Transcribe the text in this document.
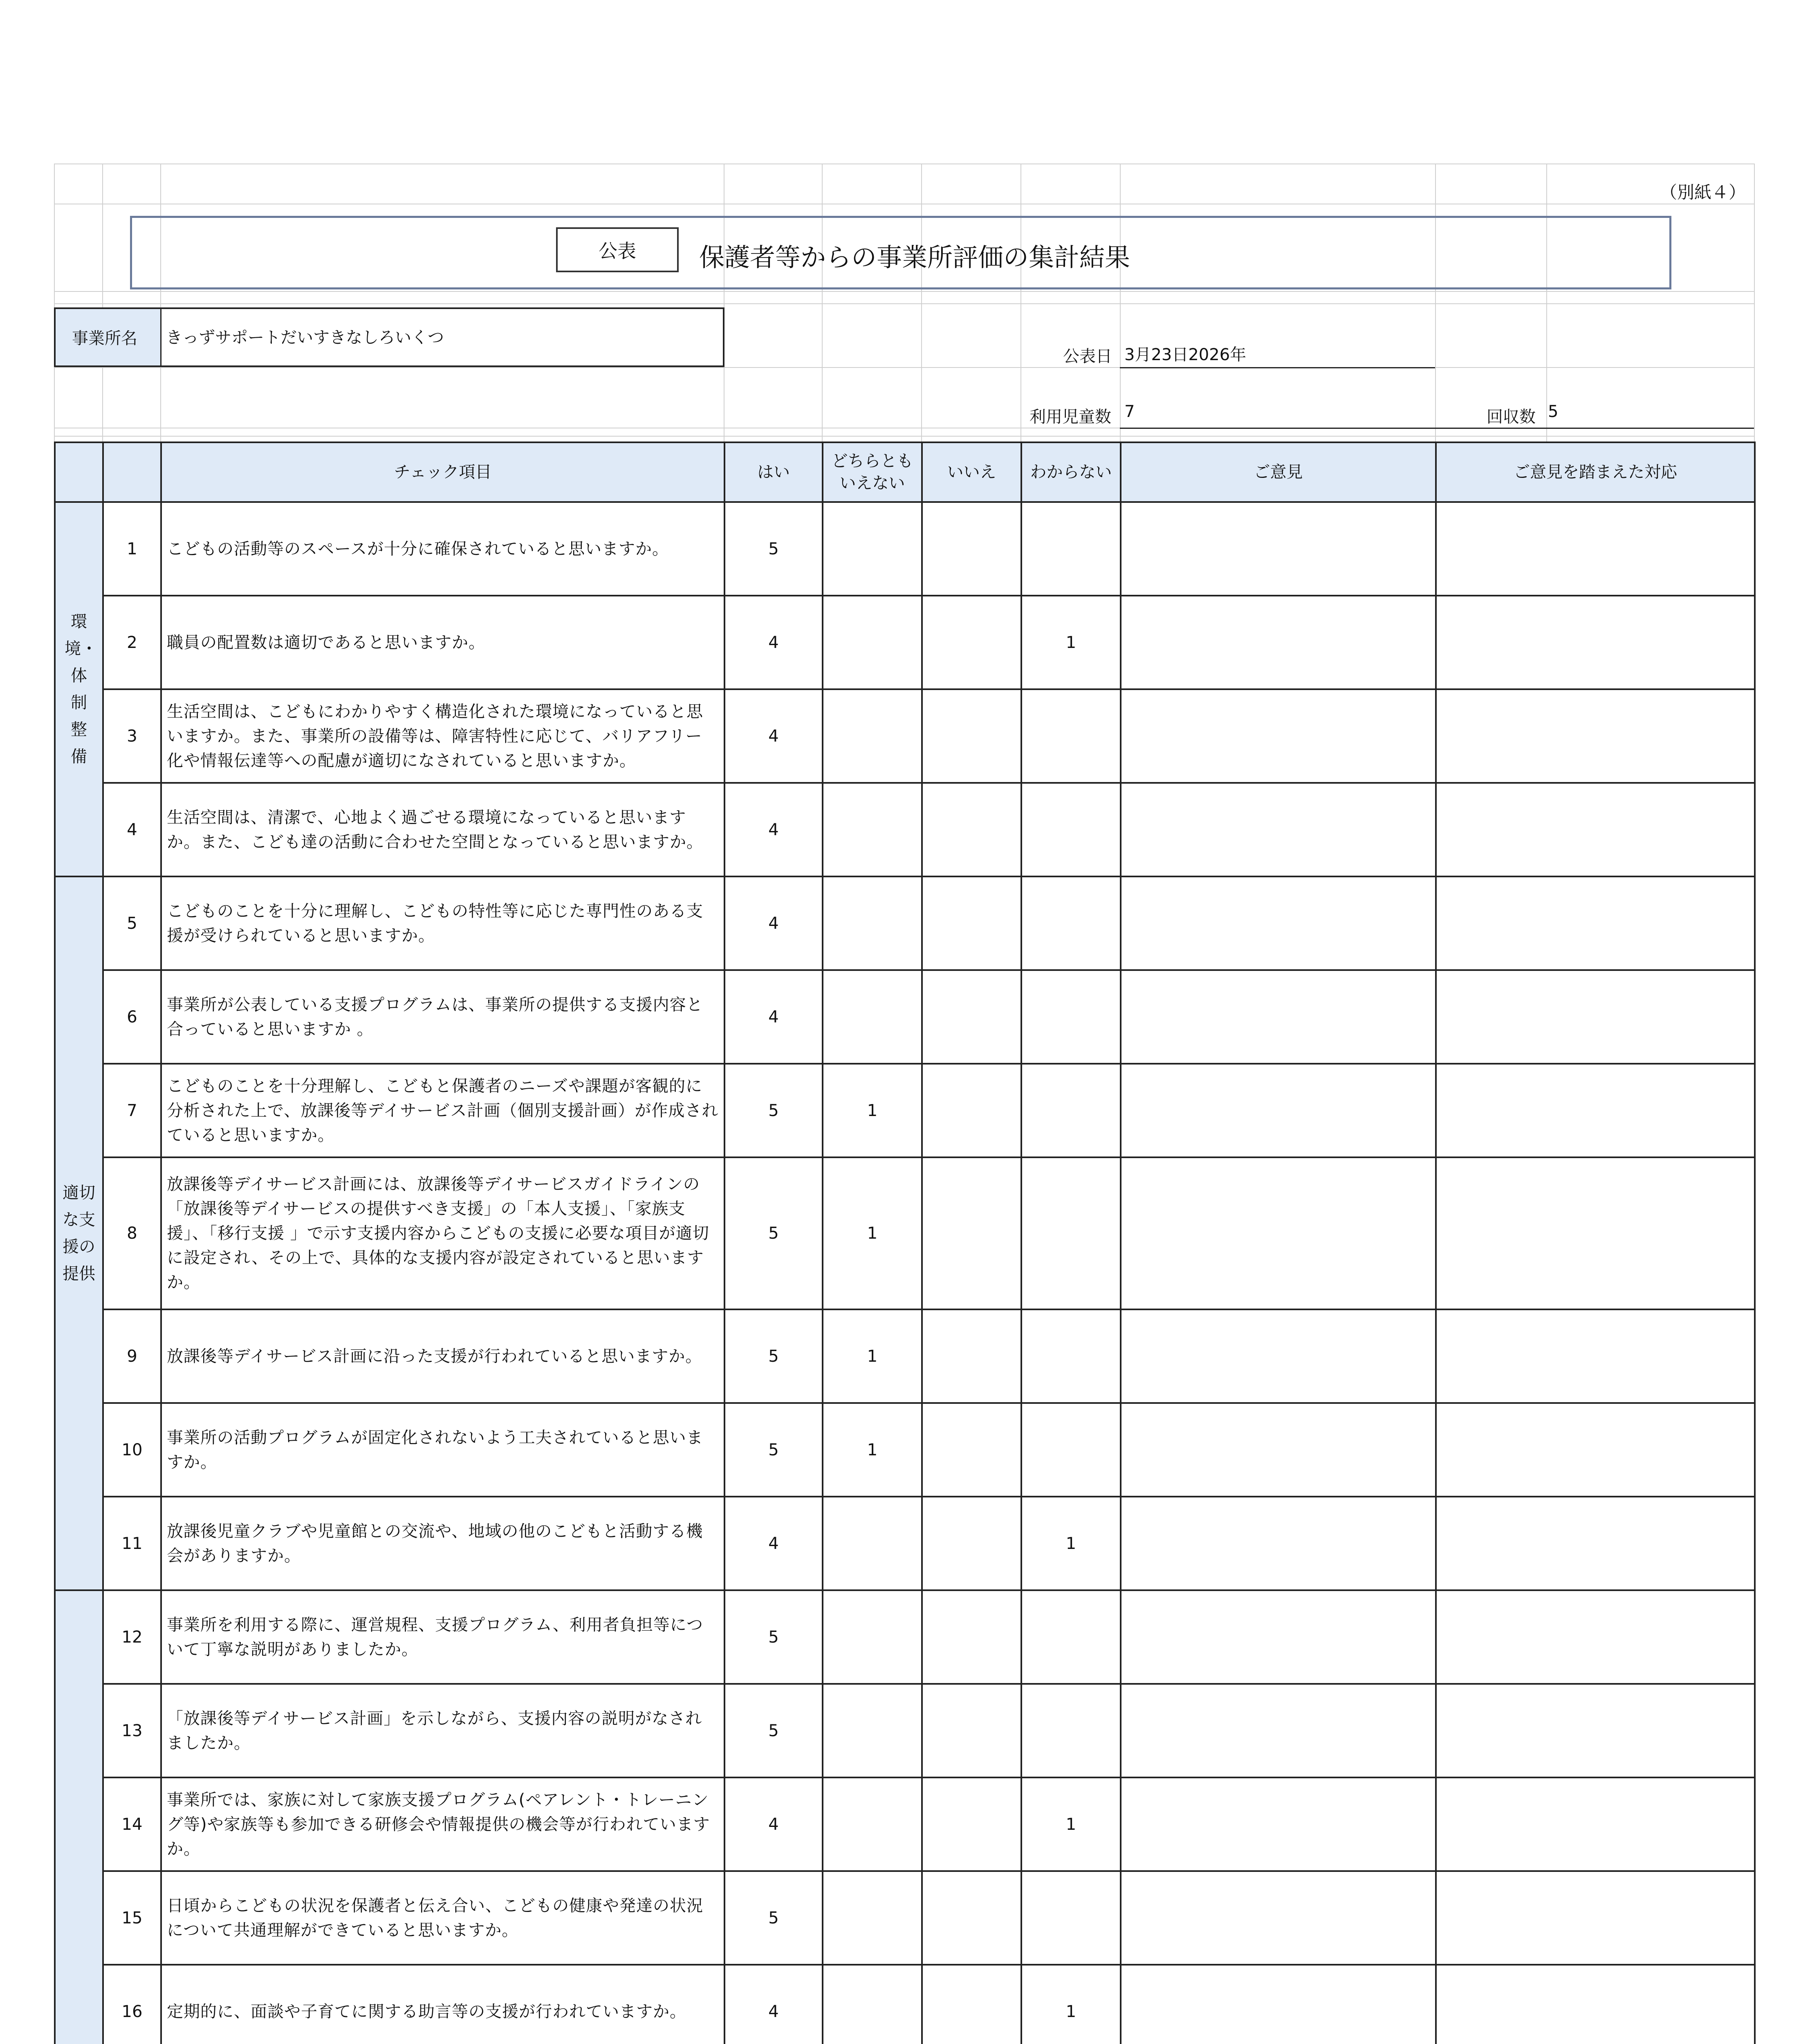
（別紙４）
公表	保護者等からの事業所評価の集計結果
事業所名 きっずサポートだいすきなしろいくつ
公表日 3月23日2026年
利用児童数 7	回収数 5
		チェック項目	はい	どちらとも
いえない	いいえ	わからない	ご意見	ご意見を踏まえた対応

環境・体制整備	1	こどもの活動等のスペースが十分に確保されていると思いますか。	5					
	2	職員の配置数は適切であると思いますか。	4			1		
	3	生活空間は、こどもにわかりやすく構造化された環境になっていると思いますか。また、事業所の設備等は、障害特性に応じて、バリアフリー化や情報伝達等への配慮が適切になされていると思いますか。	4					
	4	生活空間は、清潔で、心地よく過ごせる環境になっていると思いますか。また、こども達の活動に合わせた空間となっていると思いますか。	4					

適切な支援の提供	5	こどものことを十分に理解し、こどもの特性等に応じた専門性のある支援が受けられていると思いますか。	4					
	6	事業所が公表している支援プログラムは、事業所の提供する支援内容と合っていると思いますか 。	4					
	7	こどものことを十分理解し、こどもと保護者のニーズや課題が客観的に分析された上で、放課後等デイサービス計画（個別支援計画）が作成されていると思いますか。	5	1				
	8	放課後等デイサービス計画には、放課後等デイサービスガイドラインの「放課後等デイサービスの提供すべき支援」の「本人支援」、「家族支援」、「移行支援 」で示す支援内容からこどもの支援に必要な項目が適切に設定され、その上で、具体的な支援内容が設定されていると思いますか。	5	1				
	9	放課後等デイサービス計画に沿った支援が行われていると思いますか。	5	1				
	10	事業所の活動プログラムが固定化されないよう工夫されていると思いますか。	5	1				
	11	放課後児童クラブや児童館との交流や、地域の他のこどもと活動する機会がありますか。	4			1		

	12	事業所を利用する際に、運営規程、支援プログラム、利用者負担等について丁寧な説明がありましたか。	5					
	13	「放課後等デイサービス計画」を示しながら、支援内容の説明がなされましたか。	5					
	14	事業所では、家族に対して家族支援プログラム(ペアレント・トレーニング等)や家族等も参加できる研修会や情報提供の機会等が行われていますか。	4			1		
	15	日頃からこどもの状況を保護者と伝え合い、こどもの健康や発達の状況について共通理解ができていると思いますか。	5					
	16	定期的に、面談や子育てに関する助言等の支援が行われていますか。	4			1		
